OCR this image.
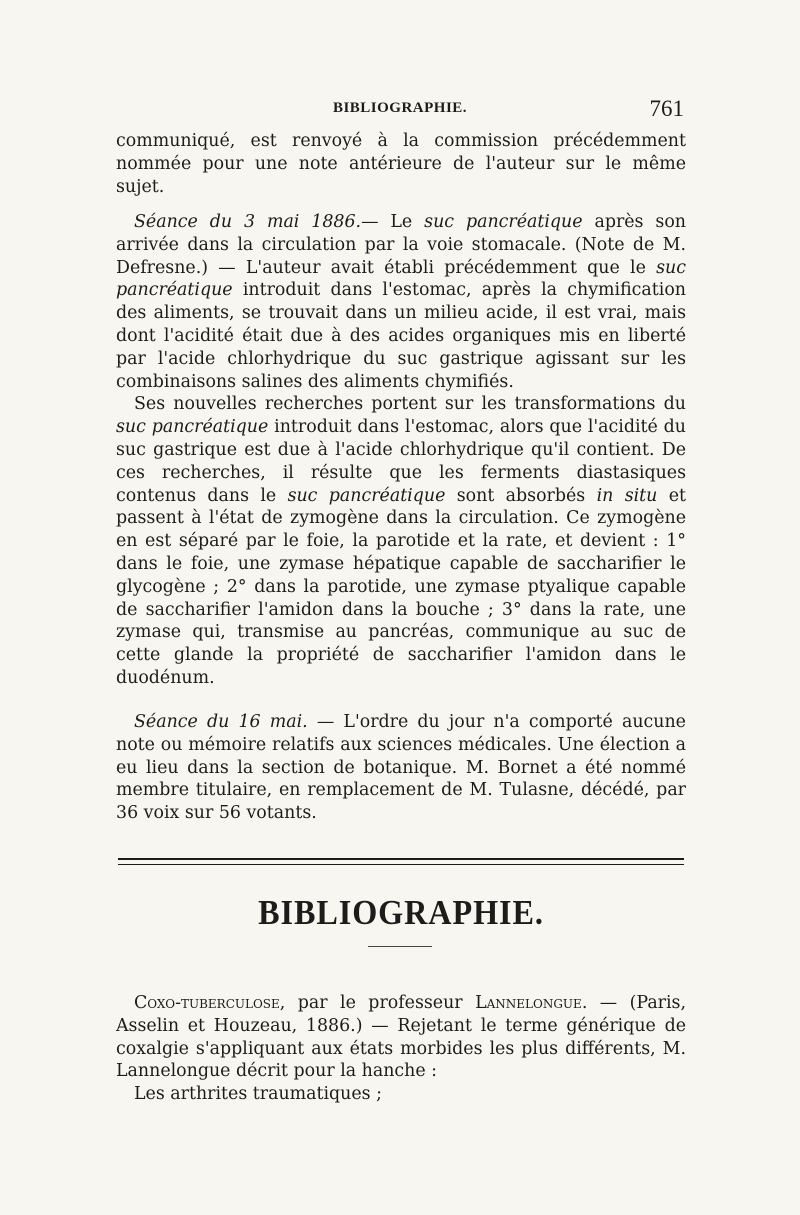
BIBLIOGRAPHIE.	761

communiqué, est renvoyé à la commission précédemment nommée pour une note antérieure de l'auteur sur le même sujet.

Séance du 3 mai 1886.— Le suc pancréatique après son arrivée dans la circulation par la voie stomacale. (Note de M. Defresne.) — L'auteur avait établi précédemment que le suc pancréatique introduit dans l'estomac, après la chymification des aliments, se trouvait dans un milieu acide, il est vrai, mais dont l'acidité était due à des acides organiques mis en liberté par l'acide chlorhydrique du suc gastrique agissant sur les combinaisons salines des aliments chymifiés.

Ses nouvelles recherches portent sur les transformations du suc pancréatique introduit dans l'estomac, alors que l'acidité du suc gastrique est due à l'acide chlorhydrique qu'il contient. De ces recherches, il résulte que les ferments diastasiques contenus dans le suc pancréatique sont absorbés in situ et passent à l'état de zymogène dans la circulation. Ce zymogène en est séparé par le foie, la parotide et la rate, et devient : 1° dans le foie, une zymase hépatique capable de saccharifier le glycogène ; 2° dans la parotide, une zymase ptyalique capable de saccharifier l'amidon dans la bouche ; 3° dans la rate, une zymase qui, transmise au pancréas, communique au suc de cette glande la propriété de saccharifier l'amidon dans le duodénum.

Séance du 16 mai. — L'ordre du jour n'a comporté aucune note ou mémoire relatifs aux sciences médicales. Une élection a eu lieu dans la section de botanique. M. Bornet a été nommé membre titulaire, en remplacement de M. Tulasne, décédé, par 36 voix sur 56 votants.

BIBLIOGRAPHIE.

Coxo-tuberculose, par le professeur Lannelongue. — (Paris, Asselin et Houzeau, 1886.) — Rejetant le terme générique de coxalgie s'appliquant aux états morbides les plus différents, M. Lannelongue décrit pour la hanche :

Les arthrites traumatiques ;
